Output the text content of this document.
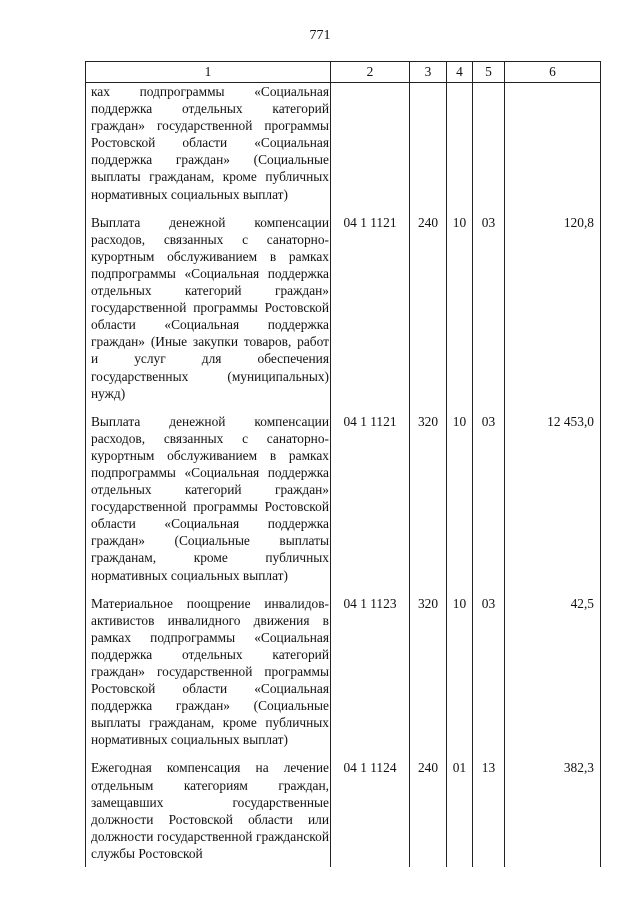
771
1	2	3	4	5	6

ках подпрограммы «Социальная поддержка отдельных категорий граждан» государственной программы Ростовской области «Социальная поддержка граждан» (Социальные выплаты гражданам, кроме публичных нормативных социальных выплат)					

Выплата денежной компенсации расходов, связанных с санаторно-курортным обслуживанием в рамках подпрограммы «Социальная поддержка отдельных категорий граждан» государственной программы Ростовской области «Социальная поддержка граждан» (Иные закупки товаров, работ и услуг для обеспечения государственных (муниципальных) нужд)	04 1 1121	240	10	03	120,8

Выплата денежной компенсации расходов, связанных с санаторно-курортным обслуживанием в рамках подпрограммы «Социальная поддержка отдельных категорий граждан» государственной программы Ростовской области «Социальная поддержка граждан» (Социальные выплаты гражданам, кроме публичных нормативных социальных выплат)	04 1 1121	320	10	03	12 453,0

Материальное поощрение инвалидов-активистов инвалидного движения в рамках подпрограммы «Социальная поддержка отдельных категорий граждан» государственной программы Ростовской области «Социальная поддержка граждан» (Социальные выплаты гражданам, кроме публичных нормативных социальных выплат)	04 1 1123	320	10	03	42,5

Ежегодная компенсация на лечение отдельным категориям граждан, замещавших государственные должности Ростовской области или должности государственной гражданской службы Ростовской	04 1 1124	240	01	13	382,3
